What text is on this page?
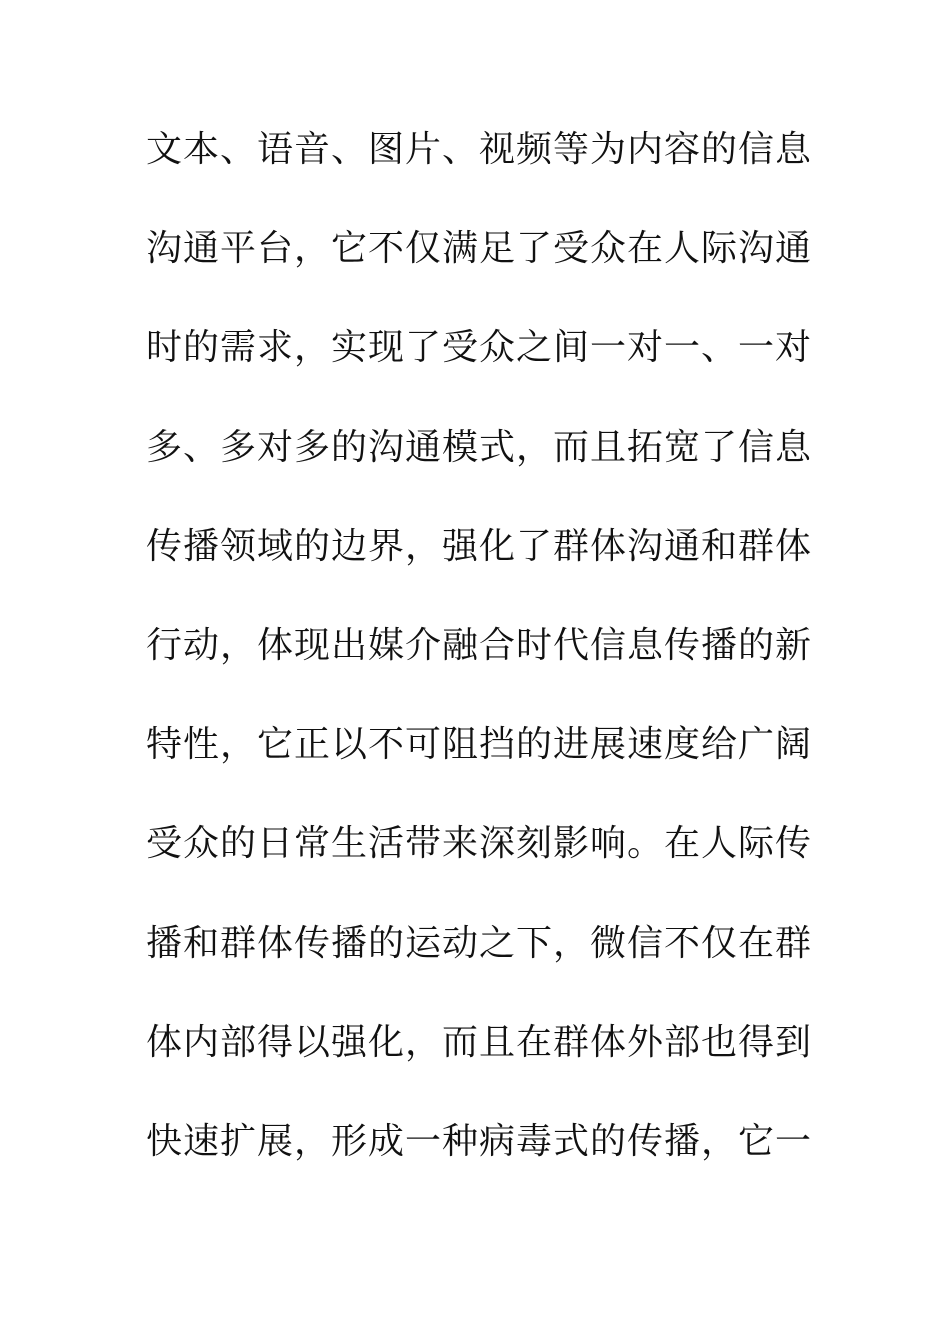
文本、语音、图片、视频等为内容的信息
沟通平台，它不仅满足了受众在人际沟通
时的需求，实现了受众之间一对一、一对
多、多对多的沟通模式，而且拓宽了信息
传播领域的边界，强化了群体沟通和群体
行动，体现出媒介融合时代信息传播的新
特性，它正以不可阻挡的进展速度给广阔
受众的日常生活带来深刻影响。在人际传
播和群体传播的运动之下，微信不仅在群
体内部得以强化，而且在群体外部也得到
快速扩展，形成一种病毒式的传播，它一
